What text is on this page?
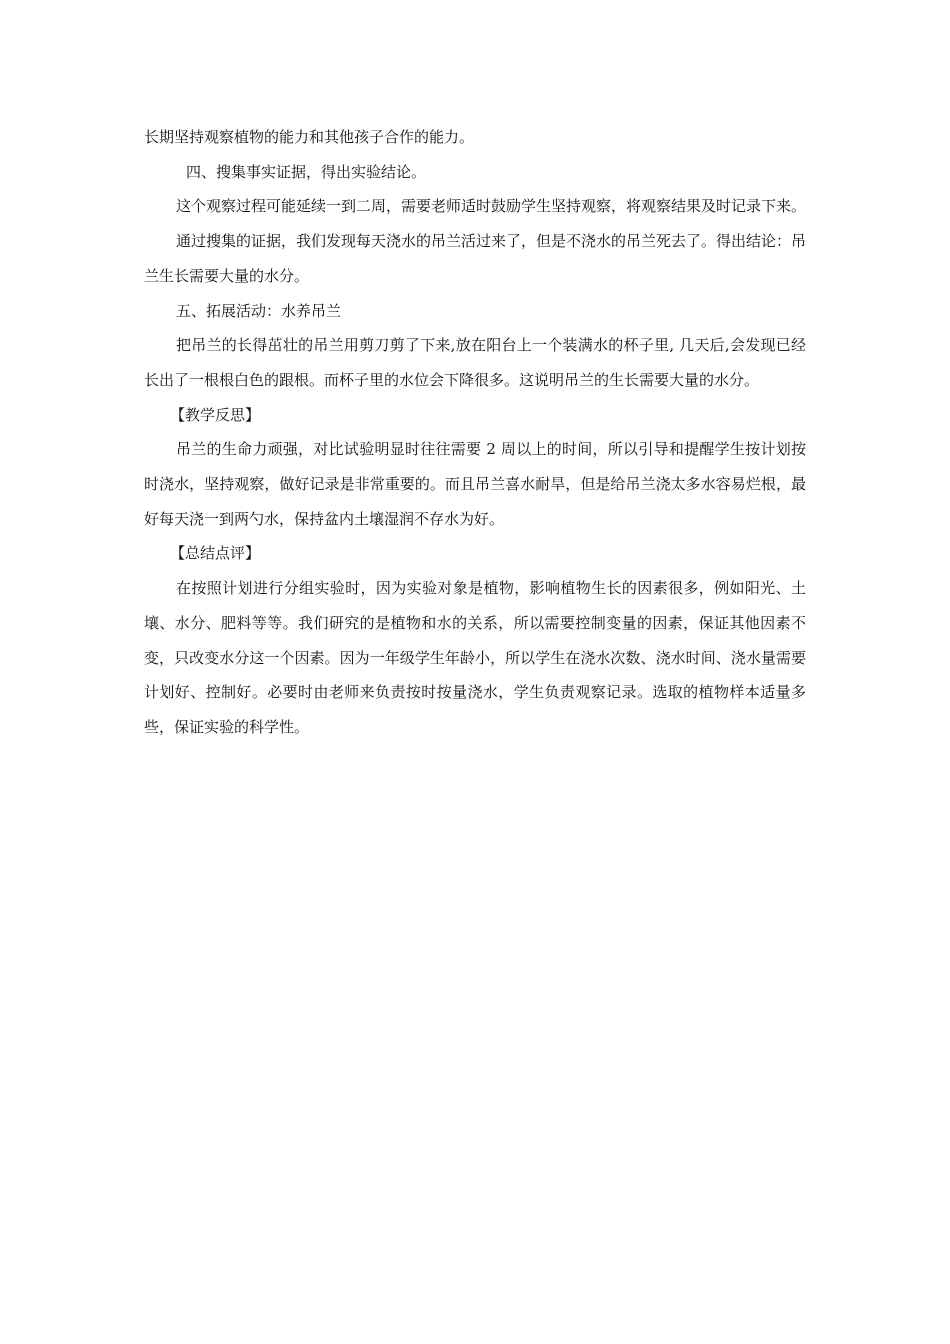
长期坚持观察植物的能力和其他孩子合作的能力。

四、搜集事实证据，得出实验结论。

这个观察过程可能延续一到二周，需要老师适时鼓励学生坚持观察，将观察结果及时记录下来。

通过搜集的证据，我们发现每天浇水的吊兰活过来了，但是不浇水的吊兰死去了。得出结论：吊兰生长需要大量的水分。

五、拓展活动：水养吊兰

把吊兰的长得茁壮的吊兰用剪刀剪了下来,放在阳台上一个装满水的杯子里, 几天后,会发现已经长出了一根根白色的跟根。而杯子里的水位会下降很多。这说明吊兰的生长需要大量的水分。

【教学反思】

吊兰的生命力顽强，对比试验明显时往往需要 2 周以上的时间，所以引导和提醒学生按计划按时浇水，坚持观察，做好记录是非常重要的。而且吊兰喜水耐旱，但是给吊兰浇太多水容易烂根，最好每天浇一到两勺水，保持盆内土壤湿润不存水为好。

【总结点评】

在按照计划进行分组实验时，因为实验对象是植物，影响植物生长的因素很多，例如阳光、土壤、水分、肥料等等。我们研究的是植物和水的关系，所以需要控制变量的因素，保证其他因素不变，只改变水分这一个因素。因为一年级学生年龄小，所以学生在浇水次数、浇水时间、浇水量需要计划好、控制好。必要时由老师来负责按时按量浇水，学生负责观察记录。选取的植物样本适量多些，保证实验的科学性。
